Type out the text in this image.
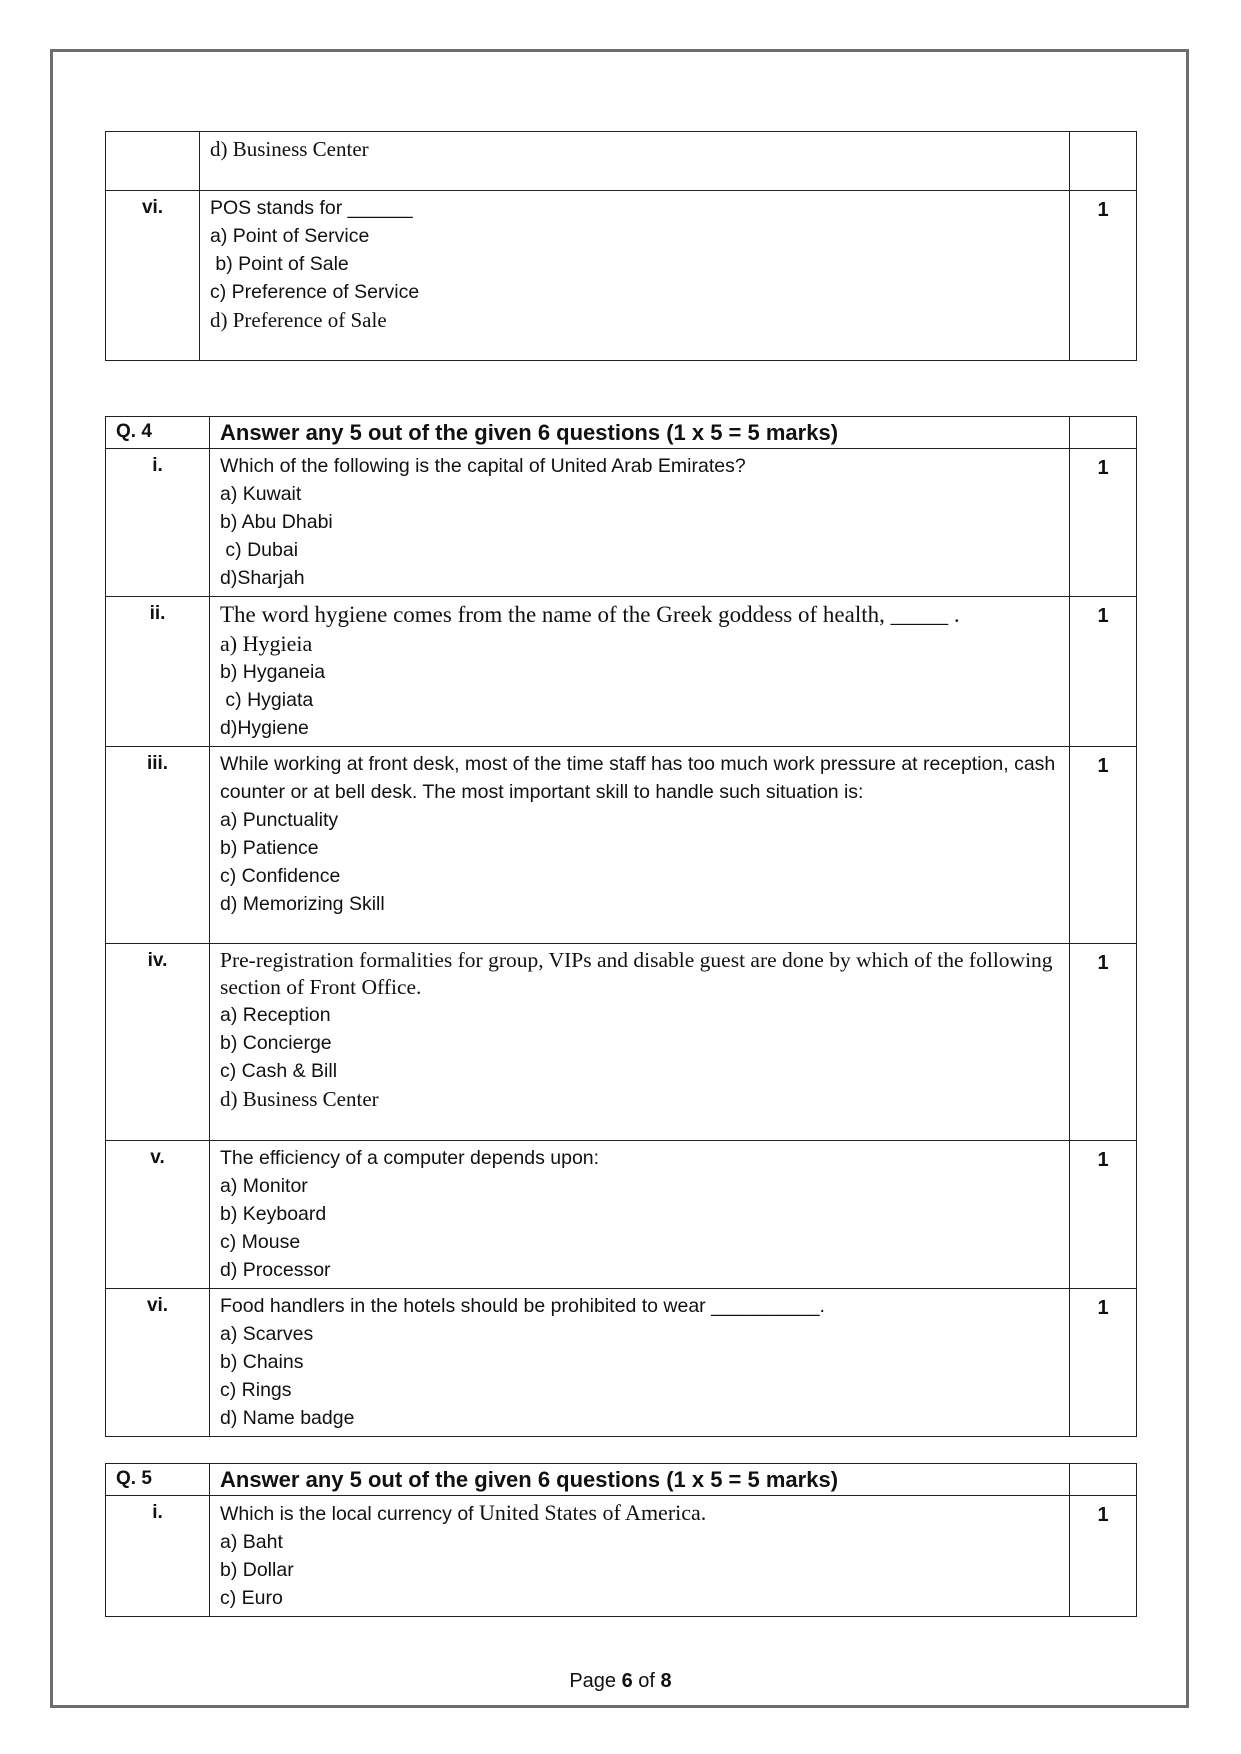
	d) Business Center	

vi.	POS stands for ______
a) Point of Service
b) Point of Sale
c) Preference of Service
d) Preference of Sale	1
Q. 4	Answer any 5 out of the given 6 questions (1 x 5 = 5 marks)	
i.	Which of the following is the capital of United Arab Emirates?
a) Kuwait
b) Abu Dhabi
c) Dubai
d)Sharjah	1
ii.	The word hygiene comes from the name of the Greek goddess of health, _____ .
a) Hygieia
b) Hyganeia
c) Hygiata
d)Hygiene	1
iii.	While working at front desk, most of the time staff has too much work pressure at reception, cash counter or at bell desk. The most important skill to handle such situation is:
a) Punctuality
b) Patience
c) Confidence
d) Memorizing Skill	1
iv.	Pre-registration formalities for group, VIPs and disable guest are done by which of the following section of Front Office.
a) Reception
b) Concierge
c) Cash & Bill
d) Business Center	1
v.	The efficiency of a computer depends upon:
a) Monitor
b) Keyboard
c) Mouse
d) Processor	1
vi.	Food handlers in the hotels should be prohibited to wear __________.
a) Scarves
b) Chains
c) Rings
d) Name badge	1
Q. 5	Answer any 5 out of the given 6 questions (1 x 5 = 5 marks)	
i.	Which is the local currency of United States of America.
a) Baht
b) Dollar
c) Euro	1
Page 6 of 8
